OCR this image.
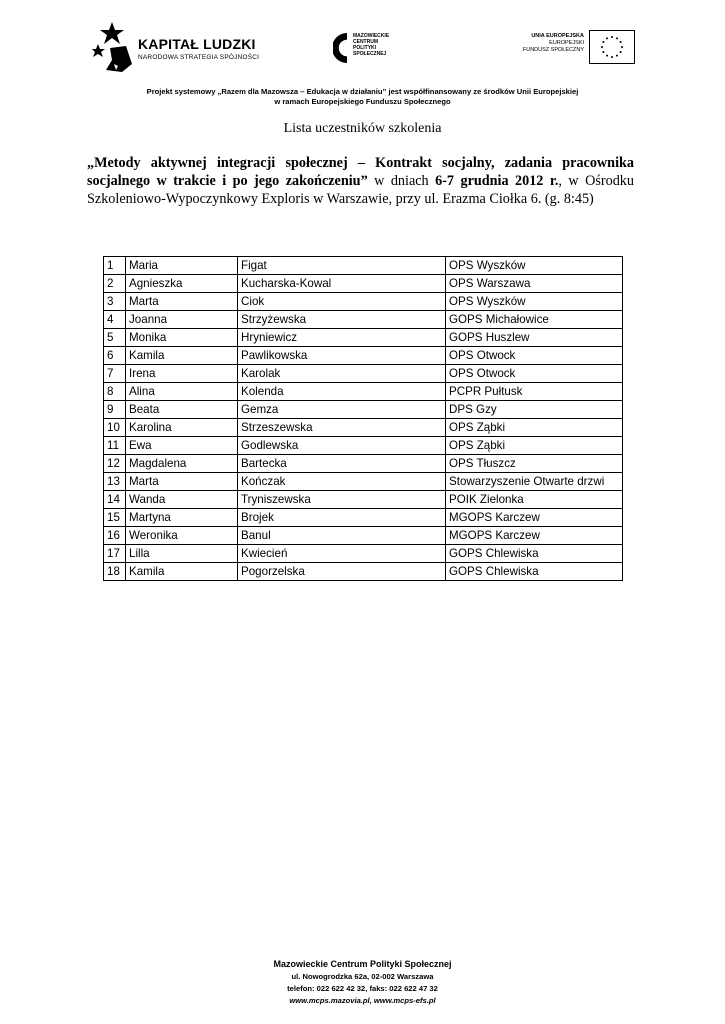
KAPITAŁ LUDZKI
NARODOWA STRATEGIA SPÓJNOŚCI
MAZOWIECKIE
CENTRUM
POLITYKI
SPOŁECZNEJ
UNIA EUROPEJSKA
EUROPEJSKI
FUNDUSZ SPOŁECZNY
Projekt systemowy „Razem dla Mazowsza – Edukacja w działaniu” jest współfinansowany ze środków Unii Europejskiej
w ramach Europejskiego Funduszu Społecznego
Lista uczestników szkolenia
„Metody aktywnej integracji społecznej – Kontrakt socjalny, zadania pracownika socjalnego w trakcie i po jego zakończeniu” w dniach 6-7 grudnia 2012 r., w Ośrodku Szkoleniowo-Wypoczynkowy Exploris w Warszawie, przy ul. Erazma Ciołka 6. (g. 8:45)
1	Maria	Figat	OPS Wyszków
2	Agnieszka	Kucharska-Kowal	OPS Warszawa
3	Marta	Ciok	OPS Wyszków
4	Joanna	Strzyżewska	GOPS Michałowice
5	Monika	Hryniewicz	GOPS Huszlew
6	Kamila	Pawlikowska	OPS Otwock
7	Irena	Karolak	OPS Otwock
8	Alina	Kolenda	PCPR Pułtusk
9	Beata	Gemza	DPS Gzy
10	Karolina	Strzeszewska	OPS Ząbki
11	Ewa	Godlewska	OPS Ząbki
12	Magdalena	Bartecka	OPS Tłuszcz
13	Marta	Kończak	Stowarzyszenie Otwarte drzwi
14	Wanda	Tryniszewska	POIK Zielonka
15	Martyna	Brojek	MGOPS Karczew
16	Weronika	Banul	MGOPS Karczew
17	Lilla	Kwiecień	GOPS Chlewiska
18	Kamila	Pogorzelska	GOPS Chlewiska
Mazowieckie Centrum Polityki Społecznej
ul. Nowogrodzka 62a, 02-002 Warszawa
telefon: 022 622 42 32, faks: 022 622 47 32
www.mcps.mazovia.pl, www.mcps-efs.pl
